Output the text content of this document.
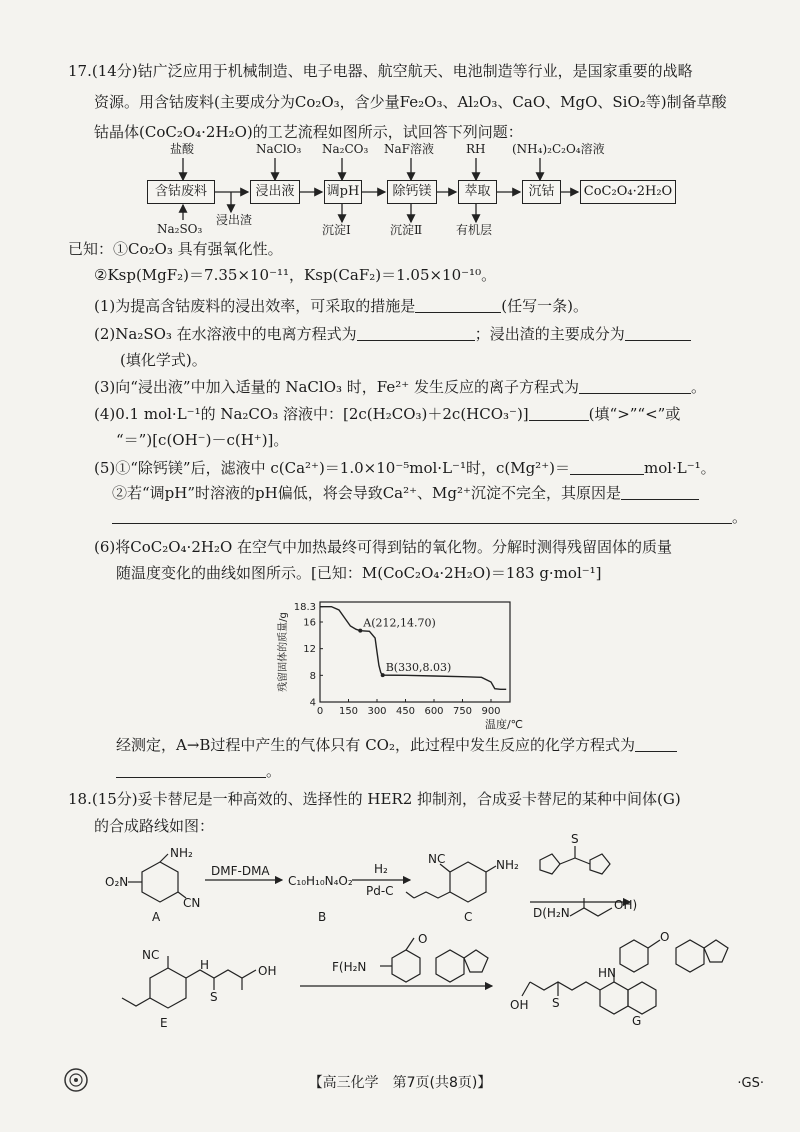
17.(14分)钴广泛应用于机械制造、电子电器、航空航天、电池制造等行业，是国家重要的战略
资源。用含钴废料(主要成分为Co₂O₃，含少量Fe₂O₃、Al₂O₃、CaO、MgO、SiO₂等)制备草酸
钴晶体(CoC₂O₄·2H₂O)的工艺流程如图所示，试回答下列问题：
盐酸	NaClO₃ Na₂CO₃ NaF溶液	RH (NH₄)₂C₂O₄溶液
含钴废料	浸出液	调pH	除钙镁	萃取	沉钴	CoC₂O₄·2H₂O
Na₂SO₃
浸出渣
沉淀Ⅰ	沉淀Ⅱ	有机层
已知：①Co₂O₃ 具有强氧化性。
②Ksp(MgF₂)＝7.35×10⁻¹¹，Ksp(CaF₂)＝1.05×10⁻¹⁰。
(1)为提高含钴废料的浸出效率，可采取的措施是	(任写一条)。
(2)Na₂SO₃ 在水溶液中的电离方程式为	；浸出渣的主要成分为
(填化学式)。
(3)向“浸出液”中加入适量的 NaClO₃ 时，Fe²⁺ 发生反应的离子方程式为	。
(4)0.1 mol·L⁻¹的 Na₂CO₃ 溶液中：[2c(H₂CO₃)＋2c(HCO₃⁻)]	(填“>”“<”或
“＝”)[c(OH⁻)－c(H⁺)]。
(5)①“除钙镁”后，滤液中 c(Ca²⁺)＝1.0×10⁻⁵mol·L⁻¹时，c(Mg²⁺)＝	mol·L⁻¹。
②若“调pH”时溶液的pH偏低，将会导致Ca²⁺、Mg²⁺沉淀不完全，其原因是
。
(6)将CoC₂O₄·2H₂O 在空气中加热最终可得到钴的氧化物。分解时测得残留固体的质量
随温度变化的曲线如图所示。[已知：M(CoC₂O₄·2H₂O)＝183 g·mol⁻¹]
0 150 300 450 600 750 900
4
8
12
16
18.3
A(212,14.70)
B(330,8.03)
残留固体的质量/g
温度/℃
经测定，A→B过程中产生的气体只有 CO₂，此过程中发生反应的化学方程式为
。
18.(15分)妥卡替尼是一种高效的、选择性的 HER2 抑制剂，合成妥卡替尼的某种中间体(G)
的合成路线如图：
NH₂
O₂N
CN
A
DMF-DMA
C₁₀H₁₀N₄O₂
B
H₂
Pd-C
NC	NH₂
C
S
D(H₂N
OH)
NC
S
H	OH
E
F(H₂N
O
HN
O
S
OH
G
【高三化学　第7页(共8页)】	·GS·
